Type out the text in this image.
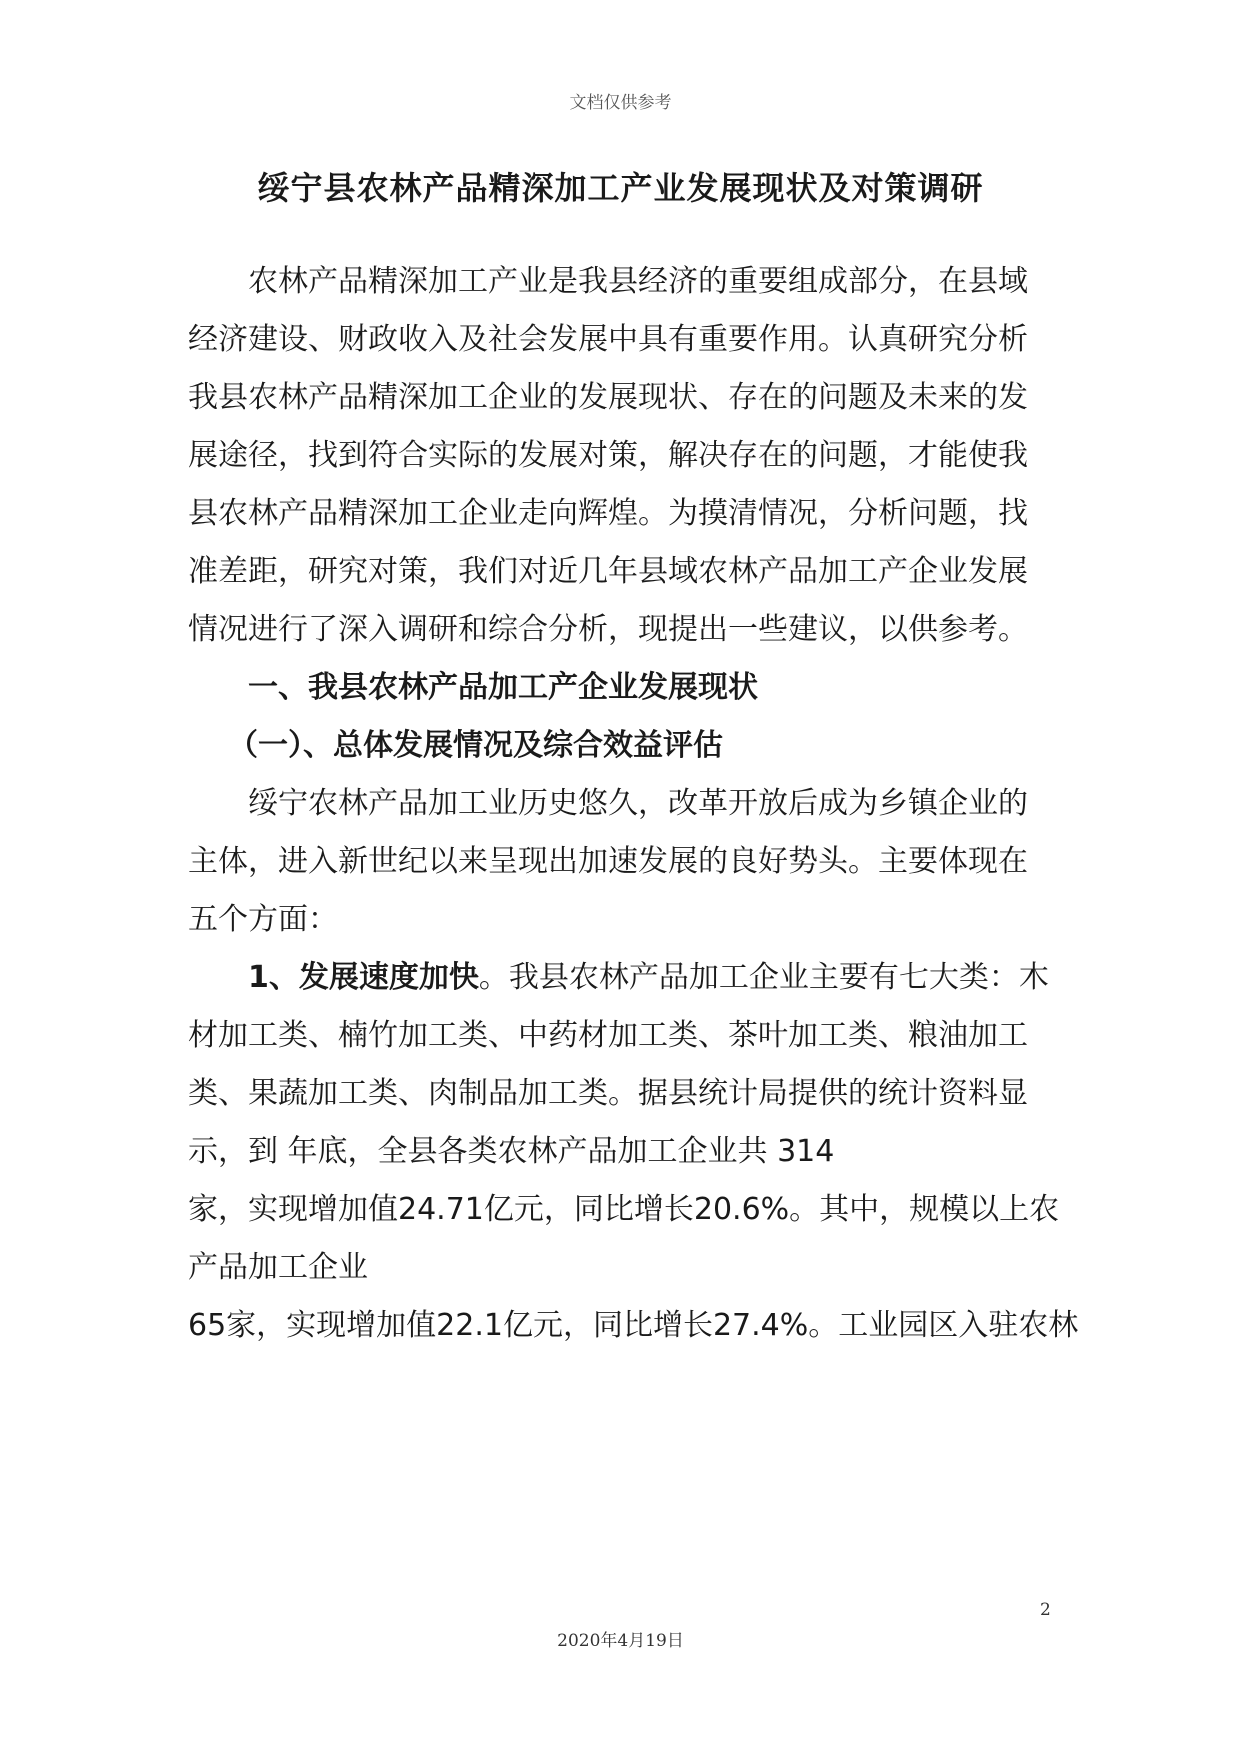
文档仅供参考
绥宁县农林产品精深加工产业发展现状及对策调研
农林产品精深加工产业是我县经济的重要组成部分，在县域
经济建设、财政收入及社会发展中具有重要作用。认真研究分析
我县农林产品精深加工企业的发展现状、存在的问题及未来的发
展途径，找到符合实际的发展对策，解决存在的问题，才能使我
县农林产品精深加工企业走向辉煌。为摸清情况，分析问题，找
准差距，研究对策，我们对近几年县域农林产品加工产企业发展
情况进行了深入调研和综合分析，现提出一些建议，以供参考。
一、我县农林产品加工产企业发展现状
（一）、总体发展情况及综合效益评估
绥宁农林产品加工业历史悠久，改革开放后成为乡镇企业的
主体，进入新世纪以来呈现出加速发展的良好势头。主要体现在
五个方面：
1、发展速度加快。我县农林产品加工企业主要有七大类：木
材加工类、楠竹加工类、中药材加工类、茶叶加工类、粮油加工
类、果蔬加工类、肉制品加工类。据县统计局提供的统计资料显
示，到 年底，全县各类农林产品加工企业共 314
家，实现增加值24.71亿元，同比增长20.6%。其中，规模以上农
产品加工企业
65家，实现增加值22.1亿元，同比增长27.4%。工业园区入驻农林
2
2020年4月19日
